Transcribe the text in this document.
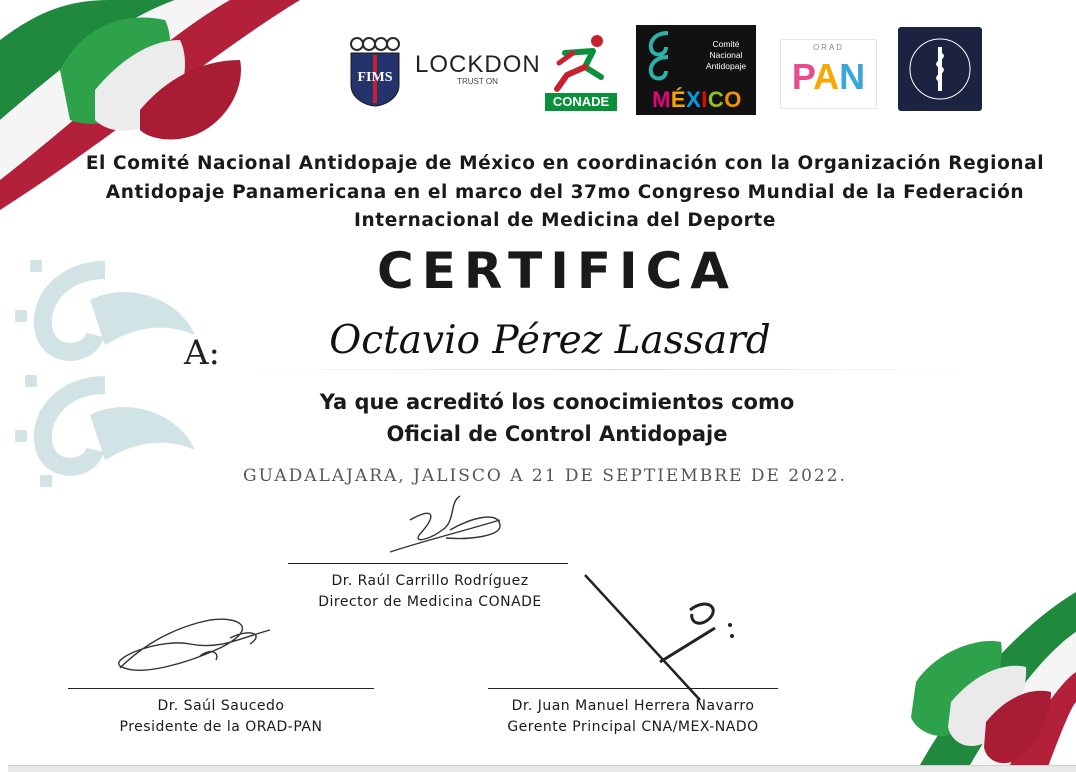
FIMS LOCKDON
TRUST ON
CONADE
Comité
Nacional
Antidopaje
MÉXICO
ORAD
PAN
El Comité Nacional Antidopaje de México en coordinación con la Organización Regional
Antidopaje Panamericana en el marco del 37mo Congreso Mundial de la Federación
Internacional de Medicina del Deporte
CERTIFICA
A:	Octavio Pérez Lassard
Ya que acreditó los conocimientos como
Oficial de Control Antidopaje
GUADALAJARA, JALISCO A 21 DE SEPTIEMBRE DE 2022.
Dr. Raúl Carrillo Rodríguez
Director de Medicina CONADE
Dr. Saúl Saucedo
Presidente de la ORAD-PAN
Dr. Juan Manuel Herrera Navarro
Gerente Principal CNA/MEX-NADO
